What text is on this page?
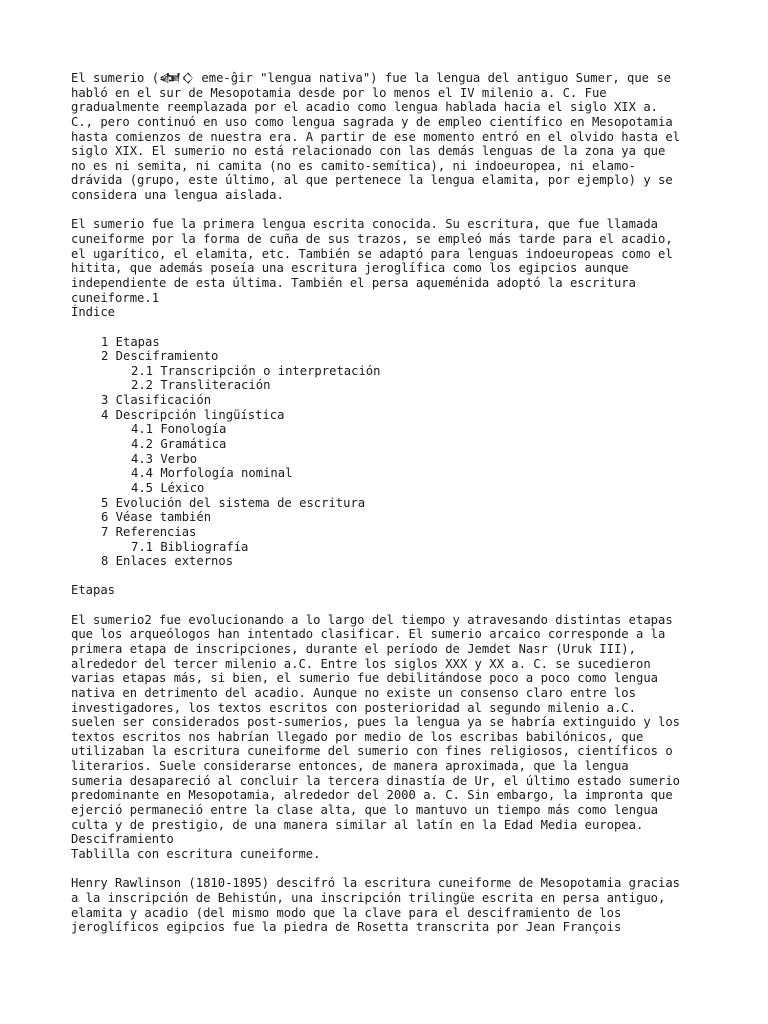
El sumerio (𒅾𒄭 eme-ĝir "lengua nativa") fue la lengua del antiguo Sumer, que se
habló en el sur de Mesopotamia desde por lo menos el IV milenio a. C. Fue
gradualmente reemplazada por el acadio como lengua hablada hacia el siglo XIX a.
C., pero continuó en uso como lengua sagrada y de empleo científico en Mesopotamia
hasta comienzos de nuestra era. A partir de ese momento entró en el olvido hasta el
siglo XIX. El sumerio no está relacionado con las demás lenguas de la zona ya que
no es ni semita, ni camita (no es camito-semítica), ni indoeuropea, ni elamo-
drávida (grupo, este último, al que pertenece la lengua elamita, por ejemplo) y se
considera una lengua aislada.
El sumerio fue la primera lengua escrita conocida. Su escritura, que fue llamada
cuneiforme por la forma de cuña de sus trazos, se empleó más tarde para el acadio,
el ugarítico, el elamita, etc. También se adaptó para lenguas indoeuropeas como el
hitita, que además poseía una escritura jeroglífica como los egipcios aunque
independiente de esta última. También el persa aqueménida adoptó la escritura
cuneiforme.1
Índice
1 Etapas
2 Desciframiento
2.1 Transcripción o interpretación
2.2 Transliteración
3 Clasificación
4 Descripción lingüística
4.1 Fonología
4.2 Gramática
4.3 Verbo
4.4 Morfología nominal
4.5 Léxico
5 Evolución del sistema de escritura
6 Véase también
7 Referencias
7.1 Bibliografía
8 Enlaces externos
Etapas
El sumerio2 fue evolucionando a lo largo del tiempo y atravesando distintas etapas
que los arqueólogos han intentado clasificar. El sumerio arcaico corresponde a la
primera etapa de inscripciones, durante el período de Jemdet Nasr (Uruk III),
alrededor del tercer milenio a.C. Entre los siglos XXX y XX a. C. se sucedieron
varias etapas más, si bien, el sumerio fue debilitándose poco a poco como lengua
nativa en detrimento del acadio. Aunque no existe un consenso claro entre los
investigadores, los textos escritos con posterioridad al segundo milenio a.C.
suelen ser considerados post-sumerios, pues la lengua ya se habría extinguido y los
textos escritos nos habrían llegado por medio de los escribas babilónicos, que
utilizaban la escritura cuneiforme del sumerio con fines religiosos, científicos o
literarios. Suele considerarse entonces, de manera aproximada, que la lengua
sumeria desapareció al concluir la tercera dinastía de Ur, el último estado sumerio
predominante en Mesopotamia, alrededor del 2000 a. C. Sin embargo, la impronta que
ejerció permaneció entre la clase alta, que lo mantuvo un tiempo más como lengua
culta y de prestigio, de una manera similar al latín en la Edad Media europea.
Desciframiento
Tablilla con escritura cuneiforme.
Henry Rawlinson (1810-1895) descifró la escritura cuneiforme de Mesopotamia gracias
a la inscripción de Behistún, una inscripción trilingüe escrita en persa antiguo,
elamita y acadio (del mismo modo que la clave para el desciframiento de los
jeroglíficos egipcios fue la piedra de Rosetta transcrita por Jean François
